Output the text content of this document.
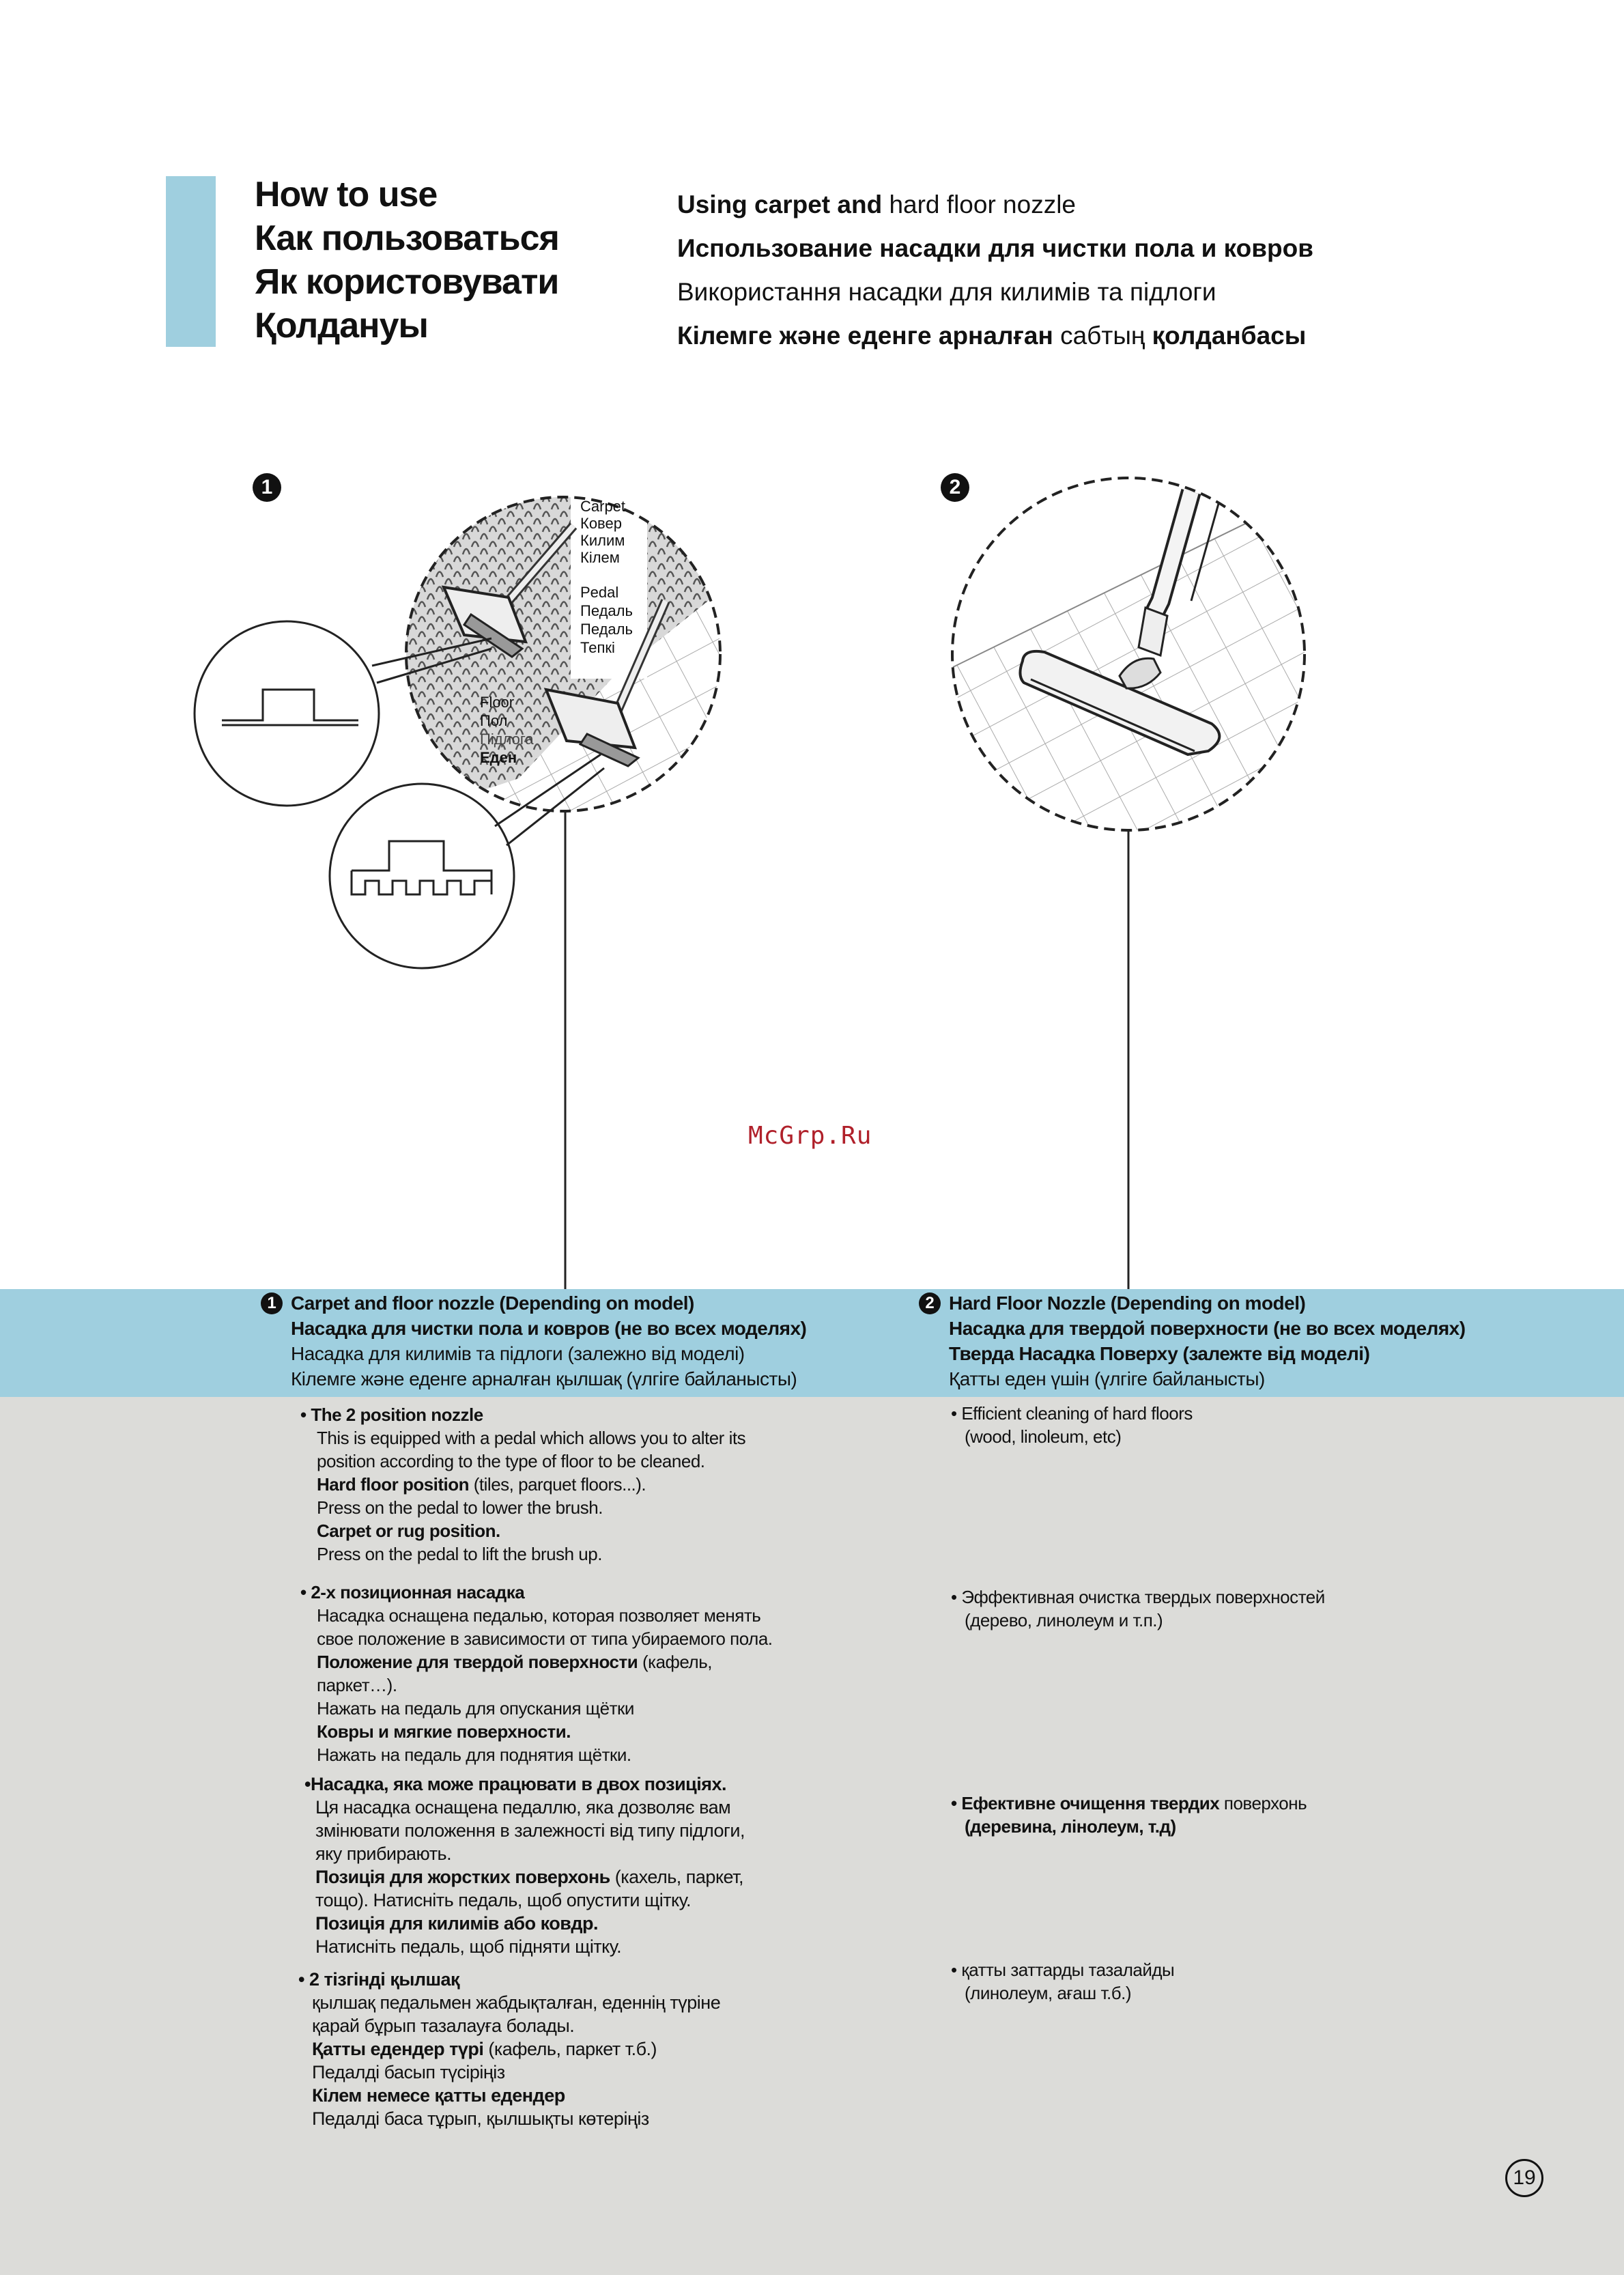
How to use
Как пользоваться
Як користовувати
Қолдануы
Using carpet and hard floor nozzle
Использование насадки для чистки пола и ковров
Використання насадки для килимів та підлоги
Кілемге және еденге арналған сабтың қолданбасы
1	2
Carpet
Ковер
Килим
Кілем
Pedal
Педаль
Педаль
Тепкі
Floor
Пол
Підлога
Еден
McGrp.Ru
1 Carpet and floor nozzle (Depending on model)
Насадка для чистки пола и ковров (не во всех моделях)
Насадка для килимів та підлоги (залежно від моделі)
Кілемге және еденге арналған қылшақ (үлгіге байланысты)
2 Hard Floor Nozzle (Depending on model)
Насадка для твердой поверхности (не во всех моделях)
Тверда Насадка Поверху (залежте від моделі)
Қатты еден үшін (үлгіге байланысты)
• The 2 position nozzle
This is equipped with a pedal which allows you to alter its
position according to the type of floor to be cleaned.
Hard floor position (tiles, parquet floors...).
Press on the pedal to lower the brush.
Carpet or rug position.
Press on the pedal to lift the brush up.
• 2-х позиционная насадка
Насадка оснащена педалью, которая позволяет менять
свое положение в зависимости от типа убираемого пола.
Положение для твердой поверхности (кафель,
паркет…).
Нажать на педаль для опускания щётки
Ковры и мягкие поверхности.
Нажать на педаль для поднятия щётки.
•Насадка, яка може працювати в двох позиціях.
Ця насадка оснащена педаллю, яка дозволяє вам
змінювати положення в залежності від типу підлоги,
яку прибирають.
Позиція для жорстких поверхонь (кахель, паркет,
тощо). Натисніть педаль, щоб опустити щітку.
Позиція для килимів або ковдр.
Натисніть педаль, щоб підняти щітку.
• 2 тізгінді қылшақ
қылшақ педальмен жабдықталған, еденнің түріне
қарай бұрып тазалауға болады.
Қатты едендер түрі (кафель, паркет т.б.)
Педалді басып түсіріңіз
Кілем немесе қатты едендер
Педалді баса тұрып, қылшықты көтеріңіз
• Efficient cleaning of hard floors
(wood, linoleum, etc)
• Эффективная очистка твердых поверхностей
(дерево, линолеум и т.п.)
• Ефективне очищення твердих поверхонь
(деревина, лінолеум, т.д)
• қатты заттарды тазалайды
(линолеум, ағаш т.б.)
19
